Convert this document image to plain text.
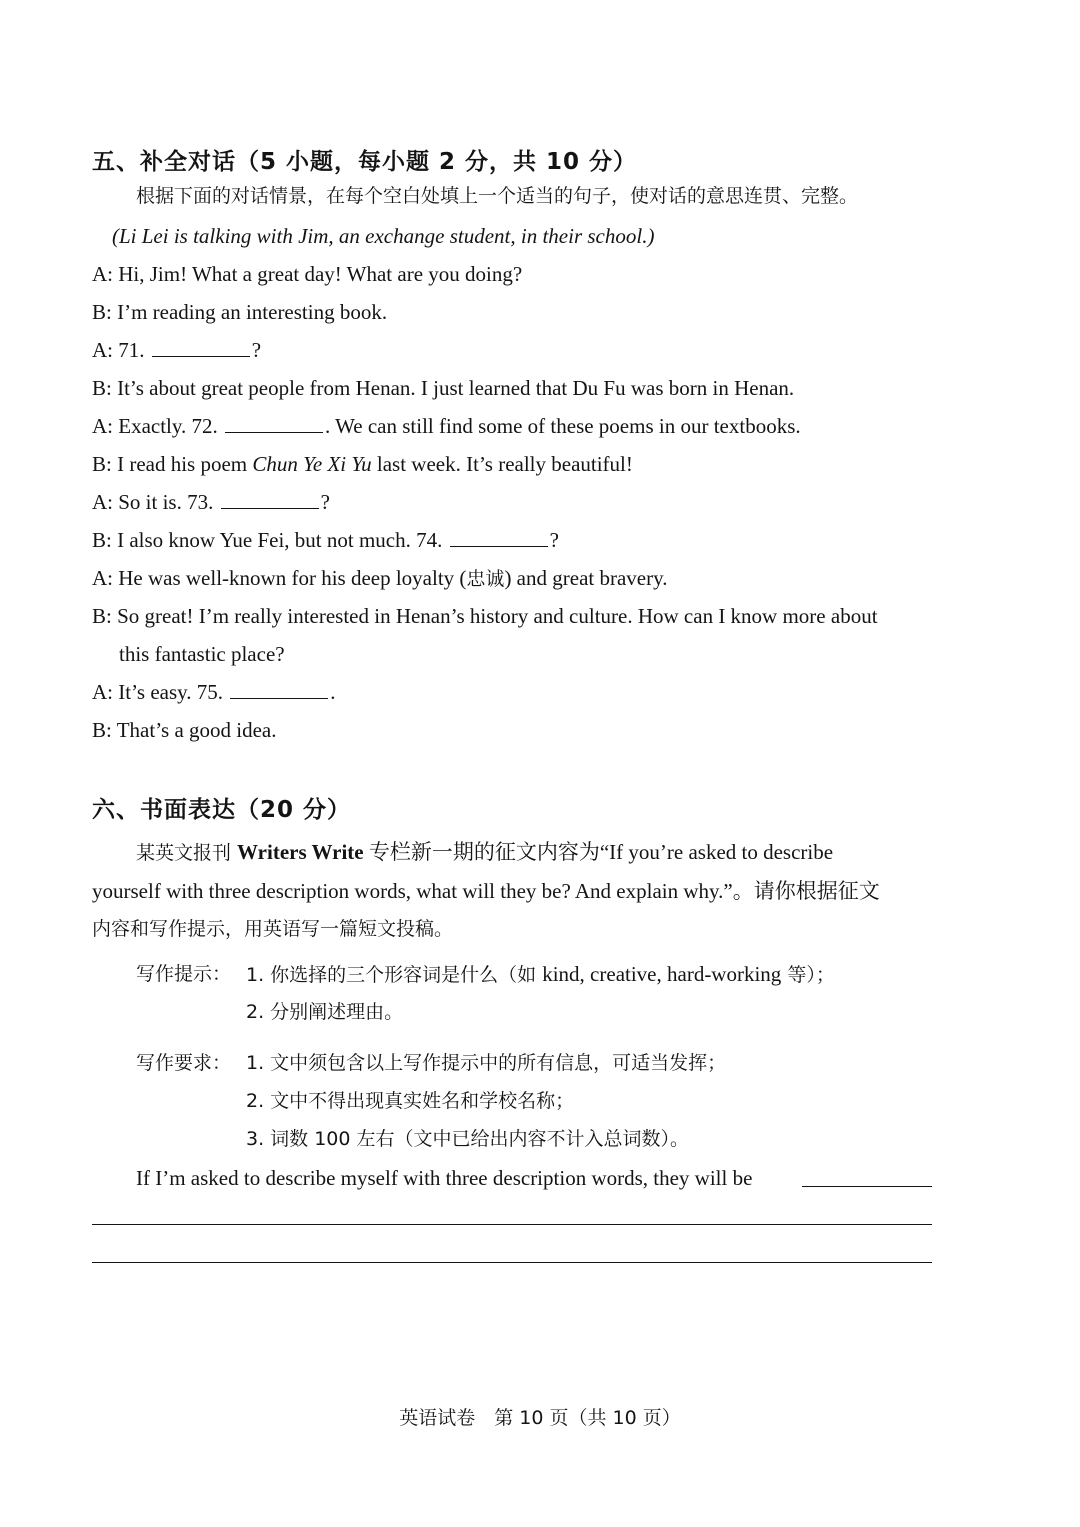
五、补全对话（5 小题，每小题 2 分，共 10 分）
根据下面的对话情景，在每个空白处填上一个适当的句子，使对话的意思连贯、完整。
(Li Lei is talking with Jim, an exchange student, in their school.)
A: Hi, Jim! What a great day! What are you doing?
B: I’m reading an interesting book.
A: 71.	?
B: It’s about great people from Henan. I just learned that Du Fu was born in Henan.
A: Exactly. 72.	. We can still find some of these poems in our textbooks.
B: I read his poem Chun Ye Xi Yu last week. It’s really beautiful!
A: So it is. 73.	?
B: I also know Yue Fei, but not much. 74.	?
A: He was well-known for his deep loyalty (忠诚) and great bravery.
B: So great! I’m really interested in Henan’s history and culture. How can I know more about
this fantastic place?
A: It’s easy. 75.	.
B: That’s a good idea.
六、书面表达（20 分）
某英文报刊 Writers Write 专栏新一期的征文内容为“If you’re asked to describe
yourself with three description words, what will they be? And explain why.”。请你根据征文
内容和写作提示，用英语写一篇短文投稿。
写作提示： 1. 你选择的三个形容词是什么（如 kind, creative, hard-working 等）；
2. 分别阐述理由。
写作要求： 1. 文中须包含以上写作提示中的所有信息，可适当发挥；
2. 文中不得出现真实姓名和学校名称；
3. 词数 100 左右（文中已给出内容不计入总词数）。
If I’m asked to describe myself with three description words, they will be
英语试卷　第 10 页（共 10 页）
